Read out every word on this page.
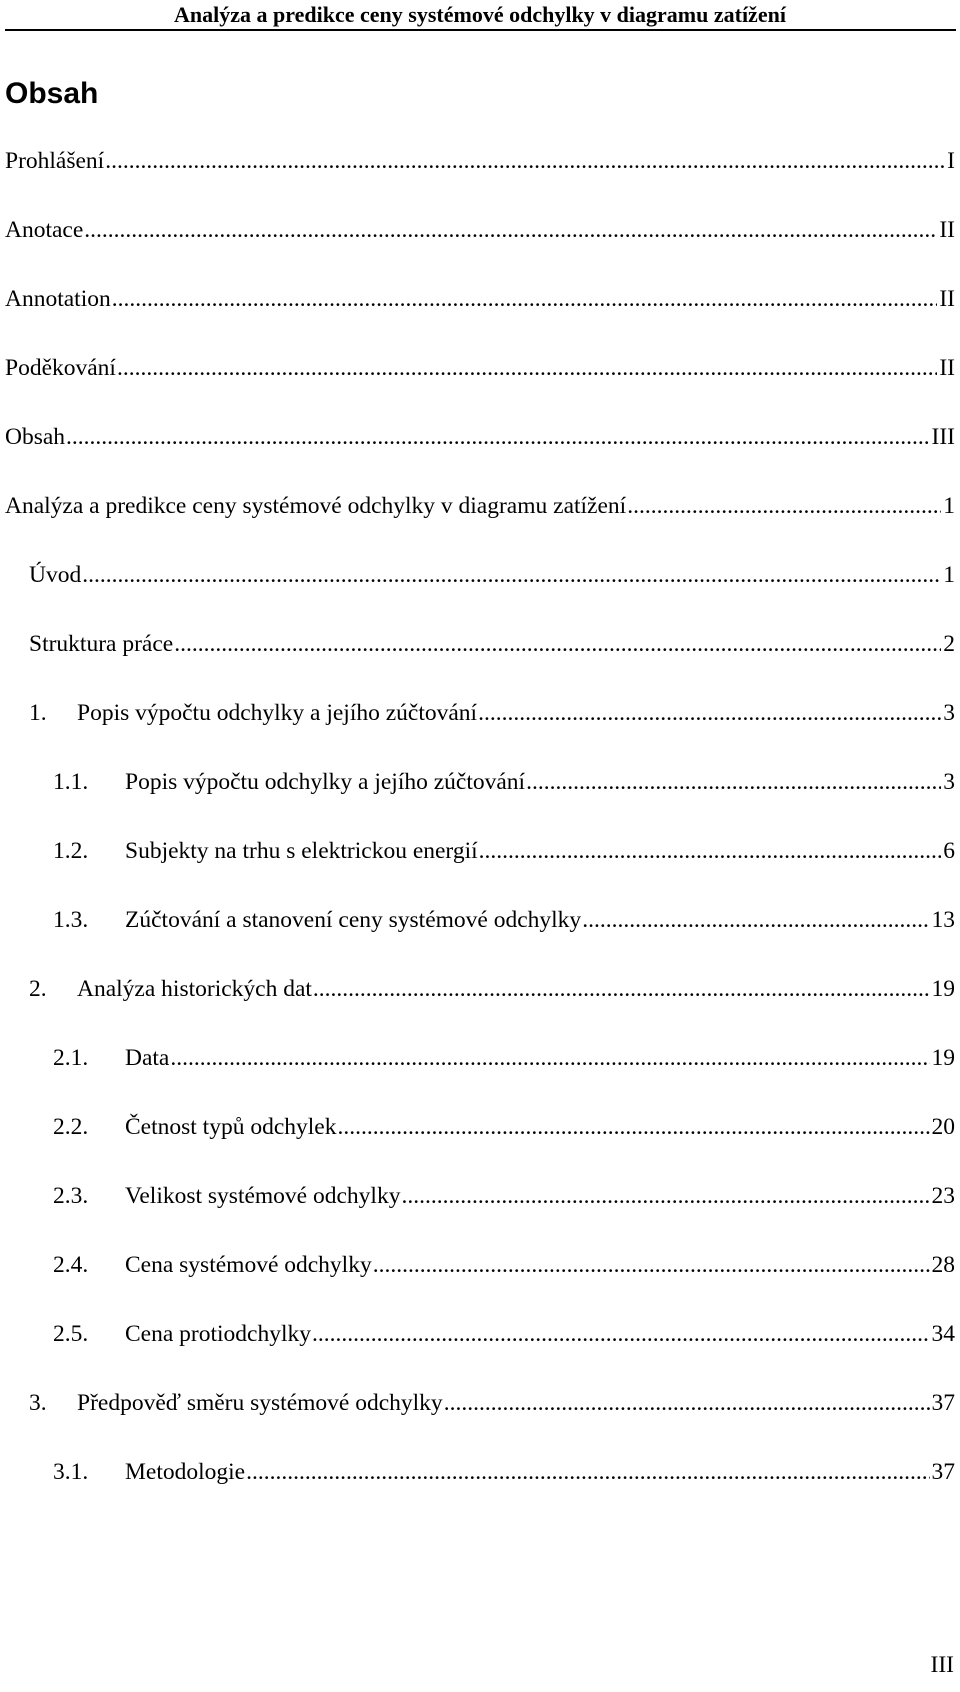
Analýza a predikce ceny systémové odchylky v diagramu zatížení
Obsah
Prohlášení .....	I
Anotace .....	II
Annotation .....	II
Poděkování .....	II
Obsah .....	III
Analýza a predikce ceny systémové odchylky v diagramu zatížení .....	1
Úvod .....	1
Struktura práce .....	2
1.	Popis výpočtu odchylky a jejího zúčtování .....	3
1.1.	Popis výpočtu odchylky a jejího zúčtování .....	3
1.2.	Subjekty na trhu s elektrickou energií .....	6
1.3.	Zúčtování a stanovení ceny systémové odchylky .....	13
2.	Analýza historických dat .....	19
2.1.	Data .....	19
2.2.	Četnost typů odchylek .....	20
2.3.	Velikost systémové odchylky .....	23
2.4.	Cena systémové odchylky .....	28
2.5.	Cena protiodchylky .....	34
3.	Předpověď směru systémové odchylky .....	37
3.1.	Metodologie .....	37
III
